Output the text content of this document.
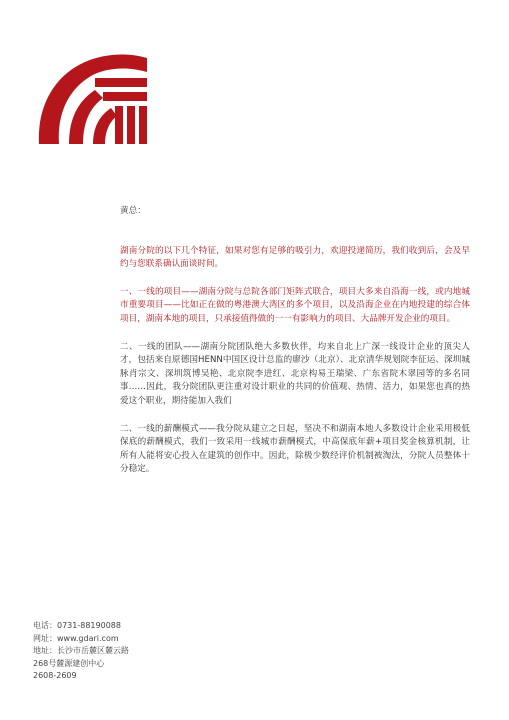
黄总：

湖南分院的以下几个特征，如果对您有足够的吸引力，欢迎投递简历，我们收到后，会及早约与您联系确认面谈时间。

一、一线的项目——湖南分院与总院各部门矩阵式联合，项目大多来自沿海一线，或内地城市重要项目——比如正在做的粤港澳大湾区的多个项目，以及沿海企业在内地投建的综合体项目，湖南本地的项目，只承接值得做的一一有影响力的项目、大品牌开发企业的项目。

二、一线的团队——湖南分院团队绝大多数伙伴，均来自北上广深一线设计企业的顶尖人才，包括来自原德国HENN中国区设计总监的廖沙（北京）、北京清华规划院李征运、深圳城脉肖宗文、深圳筑博吴艳、北京院李进红、北京构易王瑞梁、广东省院木翠园等的多名同事……因此，我分院团队更注重对设计职业的共同的价值观、热情、活力，如果您也真的热爱这个职业，期待能加入我们

二、一线的薪酬模式——我分院从建立之日起，坚决不和湖南本地人多数设计企业采用极低保底的薪酬模式，我们一致采用一线城市薪酬模式，中高保底年薪+项目奖金核算机制，让所有人能将安心投入在建筑的创作中。因此，除极少数经评价机制被淘汰，分院人员整体十分稳定。

电话：0731-88190088
网址：www.gdari.com
地址：长沙市岳麓区麓云路
268号麓源建创中心
2608-2609
